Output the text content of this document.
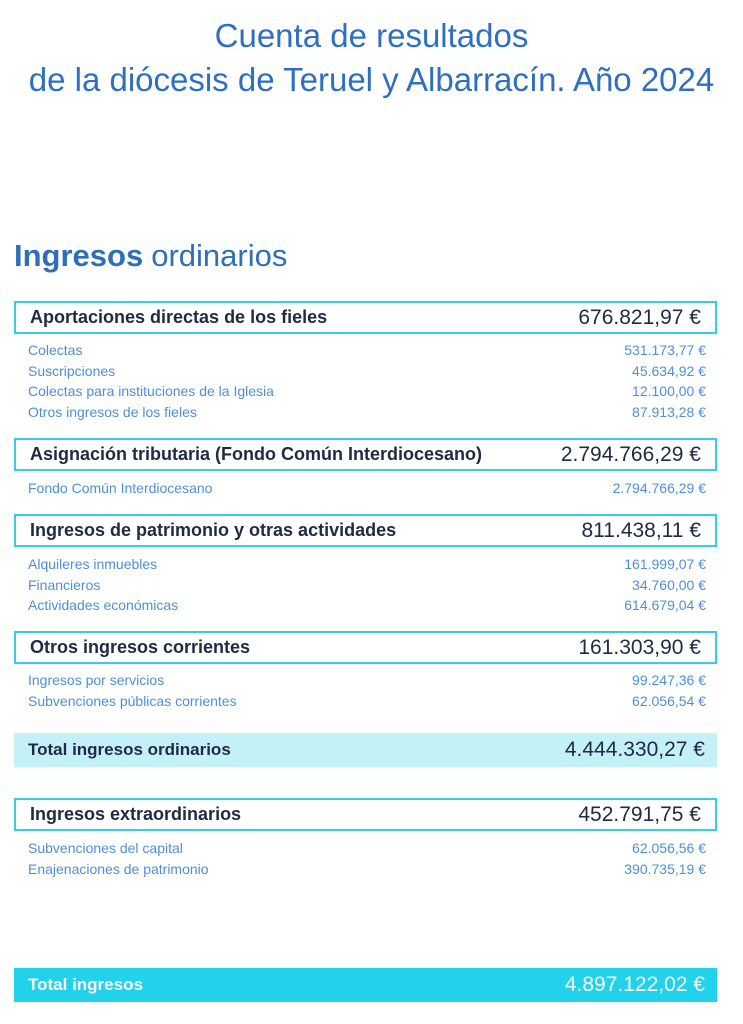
Cuenta de resultados
de la diócesis de Teruel y Albarracín. Año 2024
Ingresos ordinarios
Aportaciones directas de los fieles	676.821,97 €
Colectas	531.173,77 €
Suscripciones	45.634,92 €
Colectas para instituciones de la Iglesia	12.100,00 €
Otros ingresos de los fieles	87.913,28 €
Asignación tributaria (Fondo Común Interdiocesano)	2.794.766,29 €
Fondo Común Interdiocesano	2.794.766,29 €
Ingresos de patrimonio y otras actividades	811.438,11 €
Alquileres inmuebles	161.999,07 €
Financieros	34.760,00 €
Actividades económicas	614.679,04 €
Otros ingresos corrientes	161.303,90 €
Ingresos por servicios	99.247,36 €
Subvenciones públicas corrientes	62.056,54 €
Total ingresos ordinarios	4.444.330,27 €
Ingresos extraordinarios	452.791,75 €
Subvenciones del capital	62.056,56 €
Enajenaciones de patrimonio	390.735,19 €
Total ingresos	4.897.122,02 €
